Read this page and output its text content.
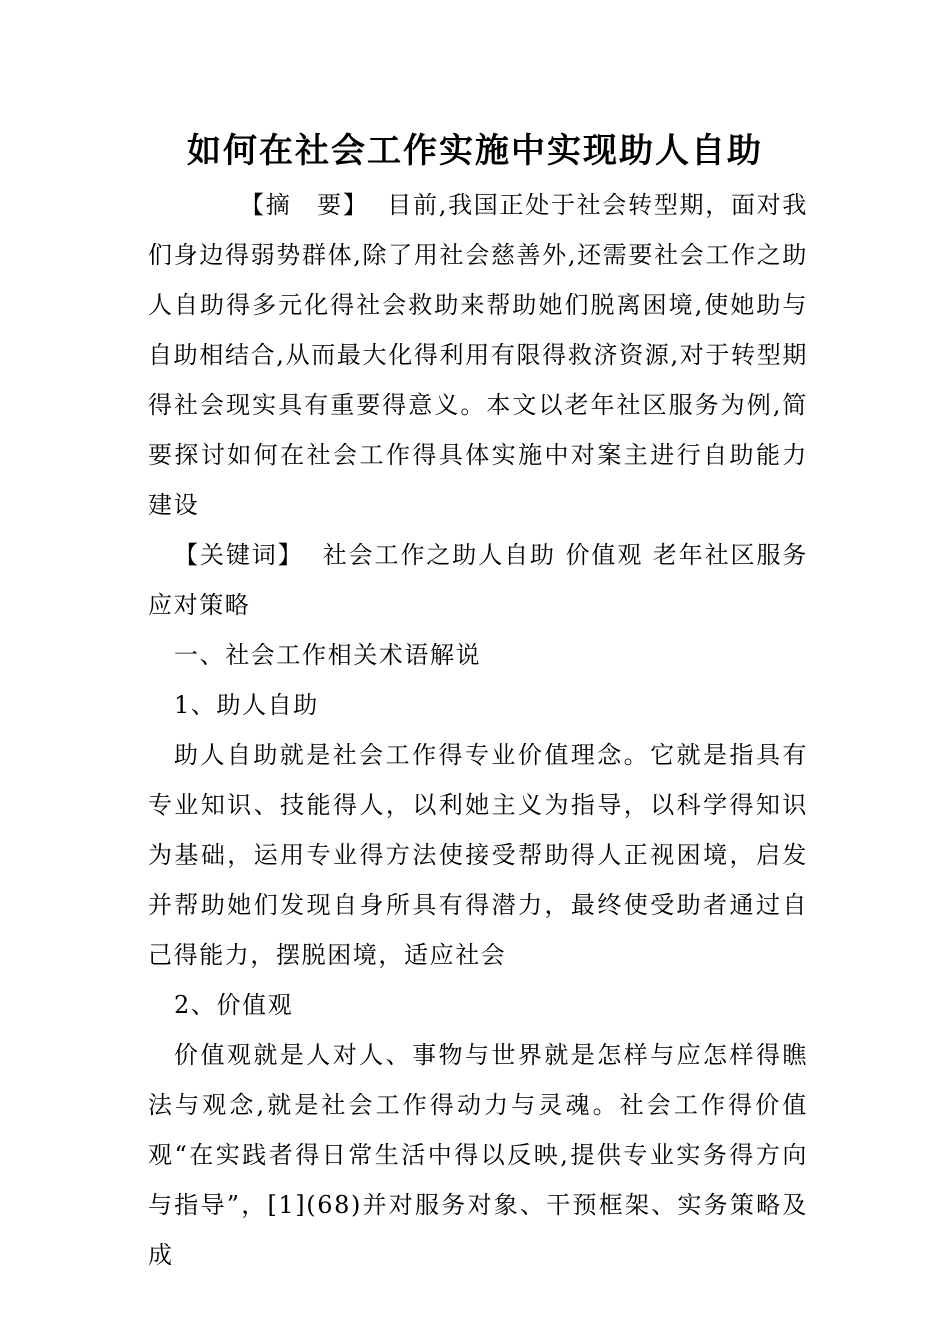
如何在社会工作实施中实现助人自助

【摘　要】 目前,我国正处于社会转型期，面对我们身边得弱势群体,除了用社会慈善外,还需要社会工作之助人自助得多元化得社会救助来帮助她们脱离困境,使她助与自助相结合,从而最大化得利用有限得救济资源,对于转型期得社会现实具有重要得意义。本文以老年社区服务为例,简要探讨如何在社会工作得具体实施中对案主进行自助能力建设

【关键词】 社会工作之助人自助 价值观 老年社区服务应对策略

一、社会工作相关术语解说

1、助人自助

助人自助就是社会工作得专业价值理念。它就是指具有专业知识、技能得人，以利她主义为指导，以科学得知识为基础，运用专业得方法使接受帮助得人正视困境，启发并帮助她们发现自身所具有得潜力，最终使受助者通过自己得能力，摆脱困境，适应社会

2、价值观

价值观就是人对人、事物与世界就是怎样与应怎样得瞧法与观念,就是社会工作得动力与灵魂。社会工作得价值观“在实践者得日常生活中得以反映,提供专业实务得方向与指导”，[1](68)并对服务对象、干预框架、实务策略及成
